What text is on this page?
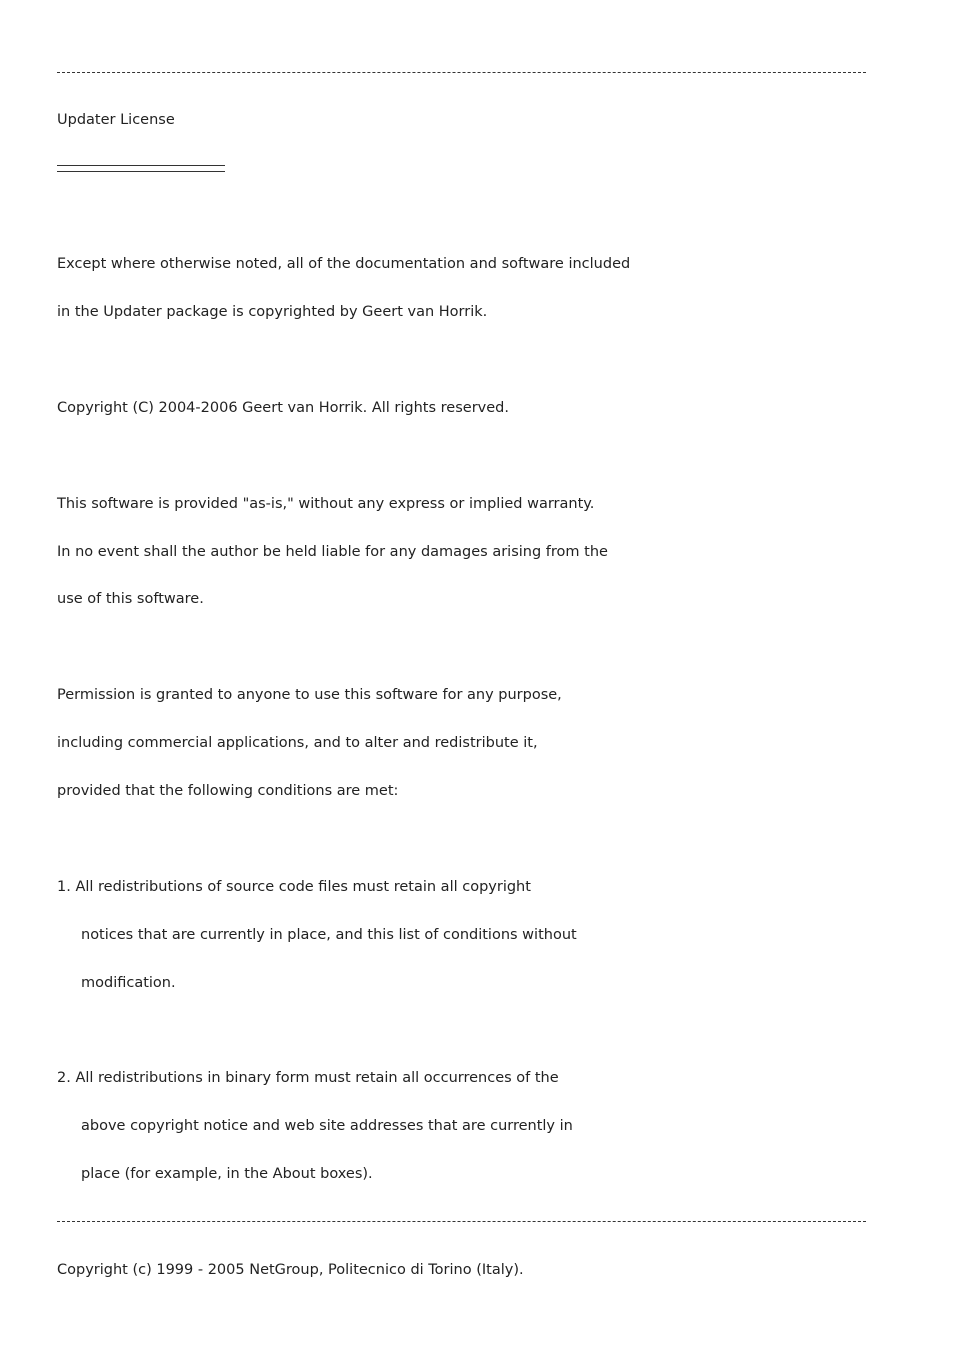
Updater License
Except where otherwise noted, all of the documentation and software included
in the Updater package is copyrighted by Geert van Horrik.
Copyright (C) 2004-2006 Geert van Horrik. All rights reserved.
This software is provided "as-is," without any express or implied warranty.
In no event shall the author be held liable for any damages arising from the
use of this software.
Permission is granted to anyone to use this software for any purpose,
including commercial applications, and to alter and redistribute it,
provided that the following conditions are met:
1. All redistributions of source code files must retain all copyright
notices that are currently in place, and this list of conditions without
modification.
2. All redistributions in binary form must retain all occurrences of the
above copyright notice and web site addresses that are currently in
place (for example, in the About boxes).
Copyright (c) 1999 - 2005 NetGroup, Politecnico di Torino (Italy).
